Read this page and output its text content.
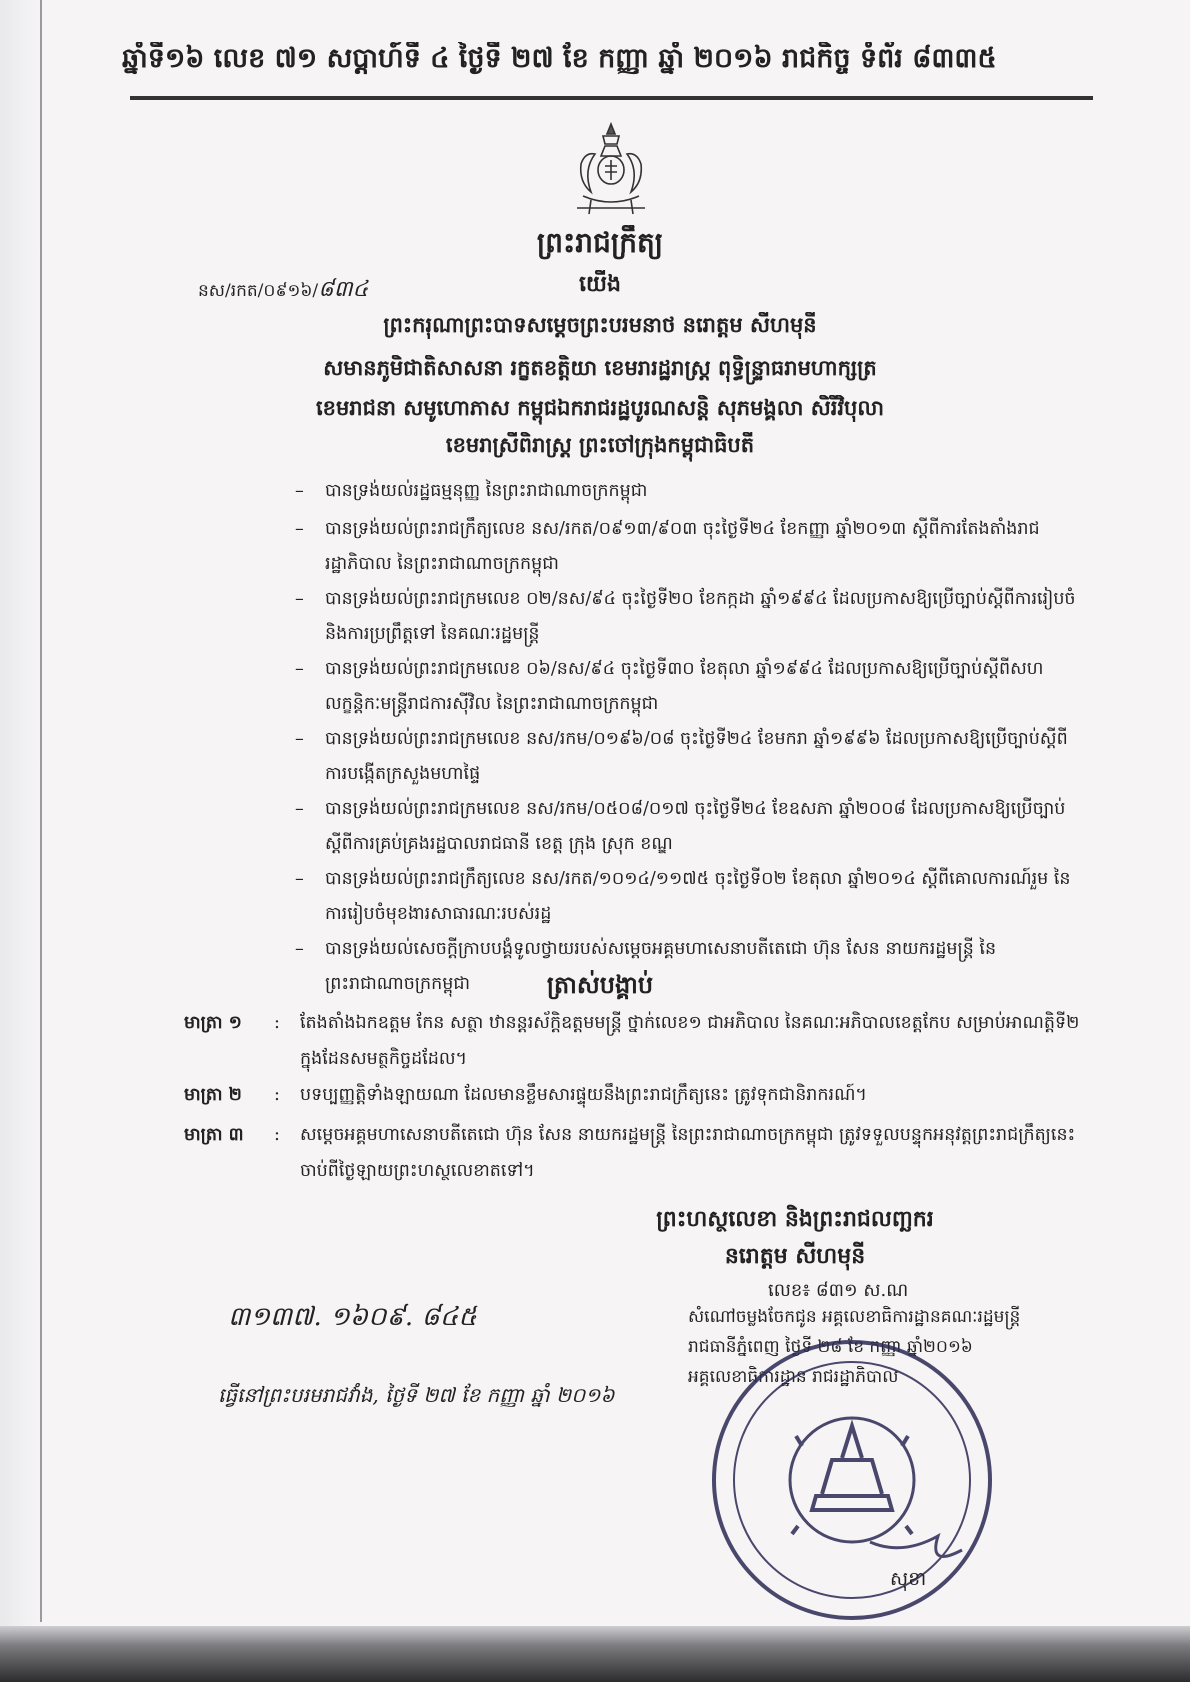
ឆ្នាំទី១៦ លេខ ៧១ សប្ដាហ៍ទី ៤ ថ្ងៃទី ២៧ ខែ កញ្ញា ឆ្នាំ ២០១៦ រាជកិច្ច ទំព័រ ៨៣៣៥
ព្រះរាជក្រឹត្យ
នស/រកត/០៩១៦/៨៣៤	យើង
ព្រះករុណាព្រះបាទសម្ដេចព្រះបរមនាថ នរោត្ដម សីហមុនី
សមានភូមិជាតិសាសនា រក្ខតខត្តិយា ខេមរារដ្ឋរាស្ដ្រ ពុទ្ធិន្ទ្រាធរាមហាក្សត្រ
ខេមរាជនា សមូហោភាស កម្ពុជឯករាជរដ្ឋបូរណសន្ដិ សុភមង្គលា សិរីវិបុលា
ខេមរាស្រីពិរាស្ដ្រ ព្រះចៅក្រុងកម្ពុជាធិបតី
– បានទ្រង់យល់រដ្ឋធម្មនុញ្ញ នៃព្រះរាជាណាចក្រកម្ពុជា
– បានទ្រង់យល់ព្រះរាជក្រឹត្យលេខ នស/រកត/០៩១៣/៩០៣ ចុះថ្ងៃទី២៤ ខែកញ្ញា ឆ្នាំ២០១៣ ស្ដីពីការតែងតាំងរាជរដ្ឋាភិបាល នៃព្រះរាជាណាចក្រកម្ពុជា
– បានទ្រង់យល់ព្រះរាជក្រមលេខ ០២/នស/៩៤ ចុះថ្ងៃទី២០ ខែកក្កដា ឆ្នាំ១៩៩៤ ដែលប្រកាសឱ្យប្រើច្បាប់ស្ដីពីការរៀបចំ និងការប្រព្រឹត្តទៅ នៃគណៈរដ្ឋមន្ត្រី
– បានទ្រង់យល់ព្រះរាជក្រមលេខ ០៦/នស/៩៤ ចុះថ្ងៃទី៣០ ខែតុលា ឆ្នាំ១៩៩៤ ដែលប្រកាសឱ្យប្រើច្បាប់ស្ដីពីសហលក្ខន្តិកៈមន្ត្រីរាជការស៊ីវិល នៃព្រះរាជាណាចក្រកម្ពុជា
– បានទ្រង់យល់ព្រះរាជក្រមលេខ នស/រកម/០១៩៦/០៨ ចុះថ្ងៃទី២៤ ខែមករា ឆ្នាំ១៩៩៦ ដែលប្រកាសឱ្យប្រើច្បាប់ស្ដីពីការបង្កើតក្រសួងមហាផ្ទៃ
– បានទ្រង់យល់ព្រះរាជក្រមលេខ នស/រកម/០៥០៨/០១៧ ចុះថ្ងៃទី២៤ ខែឧសភា ឆ្នាំ២០០៨ ដែលប្រកាសឱ្យប្រើច្បាប់ស្ដីពីការគ្រប់គ្រងរដ្ឋបាលរាជធានី ខេត្ត ក្រុង ស្រុក ខណ្ឌ
– បានទ្រង់យល់ព្រះរាជក្រឹត្យលេខ នស/រកត/១០១៤/១១៧៥ ចុះថ្ងៃទី០២ ខែតុលា ឆ្នាំ២០១៤ ស្ដីពីគោលការណ៍រួម នៃការរៀបចំមុខងារសាធារណៈរបស់រដ្ឋ
– បានទ្រង់យល់សេចក្ដីក្រាបបង្គំទូលថ្វាយរបស់សម្ដេចអគ្គមហាសេនាបតីតេជោ ហ៊ុន សែន នាយករដ្ឋមន្ត្រី នៃព្រះរាជាណាចក្រកម្ពុជា	ត្រាស់បង្គាប់
មាត្រា ១	:	តែងតាំងឯកឧត្ដម កែន សត្ថា ឋានន្តរស័ក្តិឧត្ដមមន្ត្រី ថ្នាក់លេខ១ ជាអភិបាល នៃគណៈអភិបាលខេត្តកែប សម្រាប់អាណត្តិទី២ ក្នុងដែនសមត្ថកិច្ចដដែល។
មាត្រា ២	:	បទប្បញ្ញត្តិទាំងឡាយណា ដែលមានខ្លឹមសារផ្ទុយនឹងព្រះរាជក្រឹត្យនេះ ត្រូវទុកជានិរាករណ៍។
មាត្រា ៣	:	សម្ដេចអគ្គមហាសេនាបតីតេជោ ហ៊ុន សែន នាយករដ្ឋមន្ត្រី នៃព្រះរាជាណាចក្រកម្ពុជា ត្រូវទទួលបន្ទុកអនុវត្តព្រះរាជក្រឹត្យនេះ ចាប់ពីថ្ងៃឡាយព្រះហស្ថលេខាតទៅ។
ព្រះហស្ថលេខា និងព្រះរាជលញ្ឆករ
នរោត្ដម សីហមុនី
លេខ៖ ៨៣១ ស.ណ
សំណៅចម្លងចែកជូន អគ្គលេខាធិការដ្ឋានគណៈរដ្ឋមន្ត្រី
រាជធានីភ្នំពេញ ថ្ងៃទី ២៨ ខែ កញ្ញា ឆ្នាំ២០១៦
អគ្គលេខាធិការដ្ឋាន រាជរដ្ឋាភិបាល
៣១៣៧. ១៦០៩. ៨៤៥
ធ្វើនៅព្រះបរមរាជវាំង, ថ្ងៃទី ២៧ ខែ កញ្ញា ឆ្នាំ ២០១៦
សុខា
